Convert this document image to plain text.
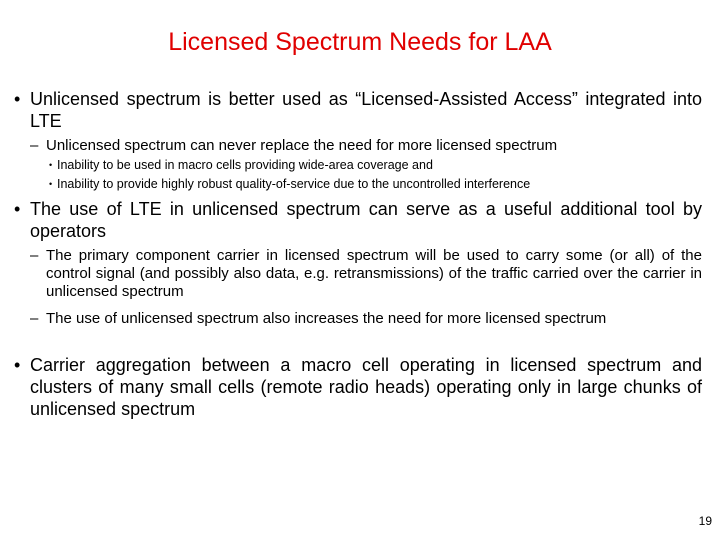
Licensed Spectrum Needs for LAA
• Unlicensed spectrum is better used as “Licensed-Assisted Access” integrated into LTE
– Unlicensed spectrum can never replace the need for more licensed spectrum
• Inability to be used in macro cells providing wide-area coverage and
• Inability to provide highly robust quality-of-service due to the uncontrolled interference
• The use of LTE in unlicensed spectrum can serve as a useful additional tool by operators
– The primary component carrier in licensed spectrum will be used to carry some (or all) of the control signal (and possibly also data, e.g. retransmissions) of the traffic carried over the carrier in unlicensed spectrum
– The use of unlicensed spectrum also increases the need for more licensed spectrum
• Carrier aggregation between a macro cell operating in licensed spectrum and clusters of many small cells (remote radio heads) operating only in large chunks of unlicensed spectrum
19
